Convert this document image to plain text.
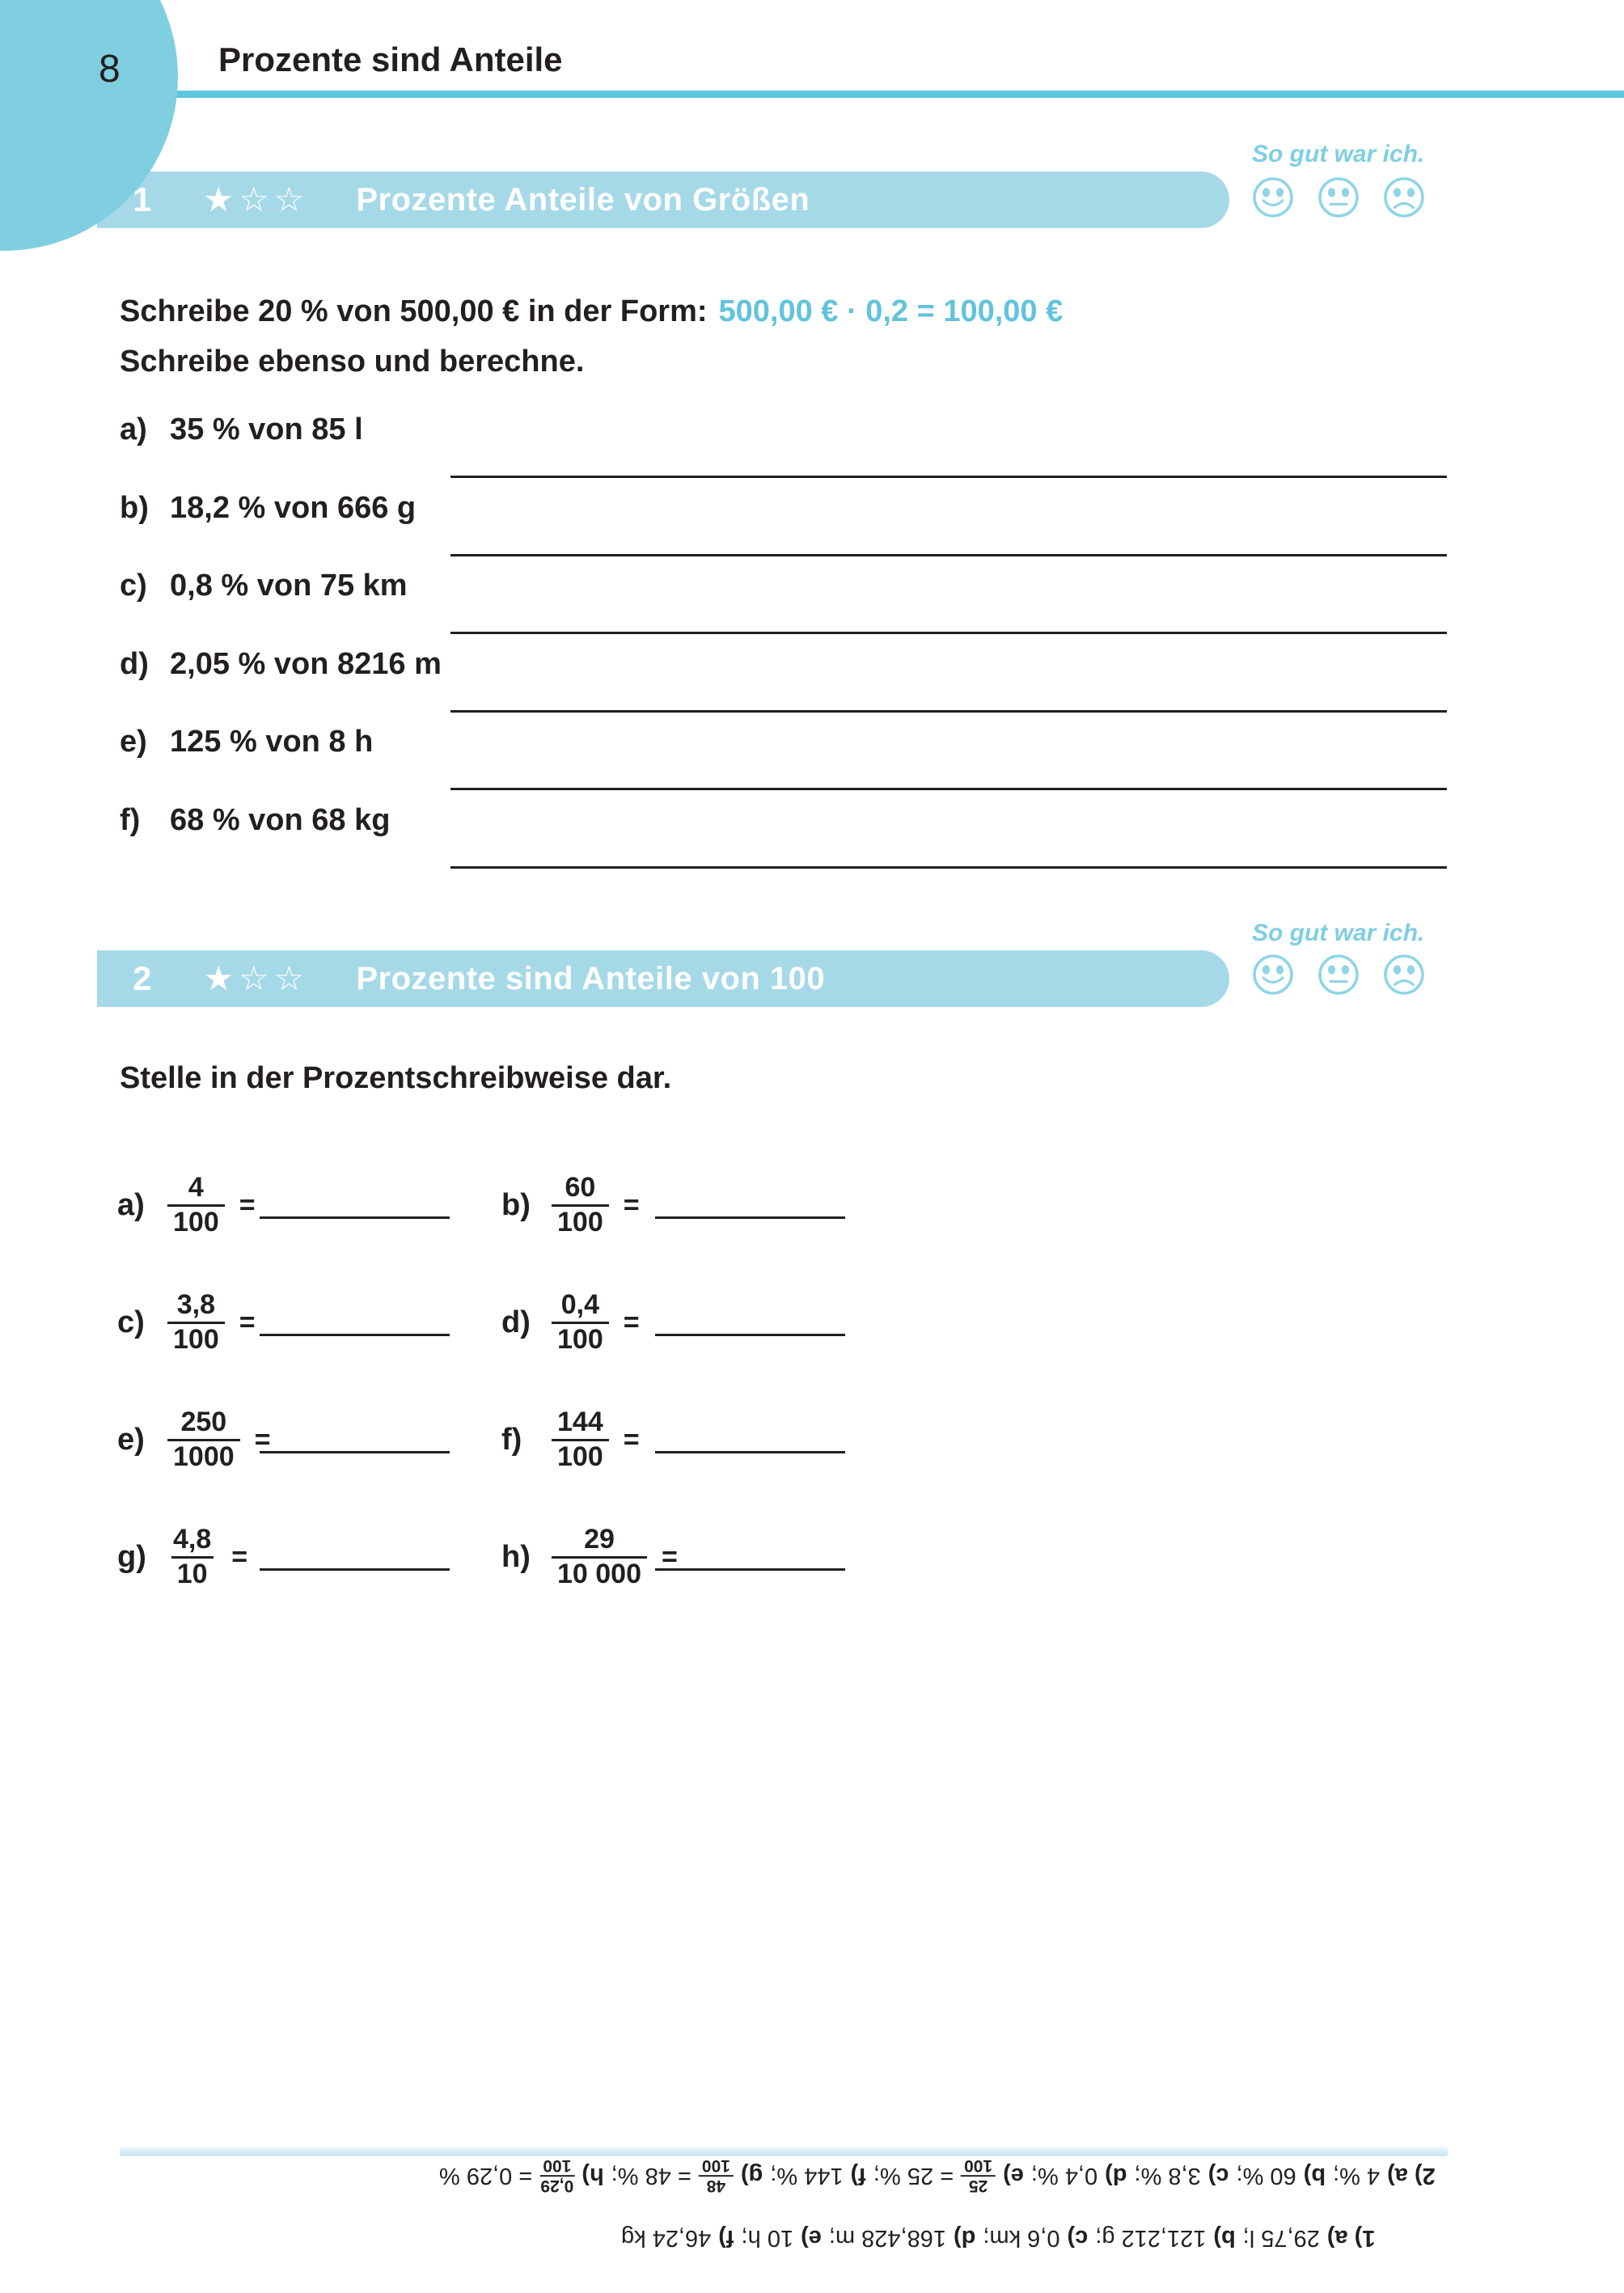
8	Prozente sind Anteile
So gut war ich.
1 ★☆☆ Prozente Anteile von Größen
Schreibe 20 % von 500,00 € in der Form: 500,00 € · 0,2 = 100,00 €
Schreibe ebenso und berechne.
a) 35 % von 85 l
b) 18,2 % von 666 g
c) 0,8 % von 75 km
d) 2,05 % von 8216 m
e) 125 % von 8 h
f) 68 % von 68 kg
So gut war ich.
2 ★☆☆ Prozente sind Anteile von 100
Stelle in der Prozentschreibweise dar.
$a) \frac{4}{100}$ =	$b) \frac{60}{100}$ =
$c) \frac{3,8}{100}$ =	$d) \frac{0,4}{100}$ =
$e) \frac{250}{1000}$ =	f)	$\frac{144}{100}$ =
$g) \frac{4,8}{10}$ =	$h) \frac{29}{10 000}$ =
2) a)
4 %;
b)
60 %;
c)
3,8 %;
d)
0,4 %;
e)
25
100
= 25 %;
f)
144 %;
g)
48
100
= 48 %;
h)
0,29
100
= 0,29 %
1) a)
29,75 l;
b)
121,212 g;
c)
0,6 km;
d)
168,428 m;
e)
10 h;
f)
46,24 kg
